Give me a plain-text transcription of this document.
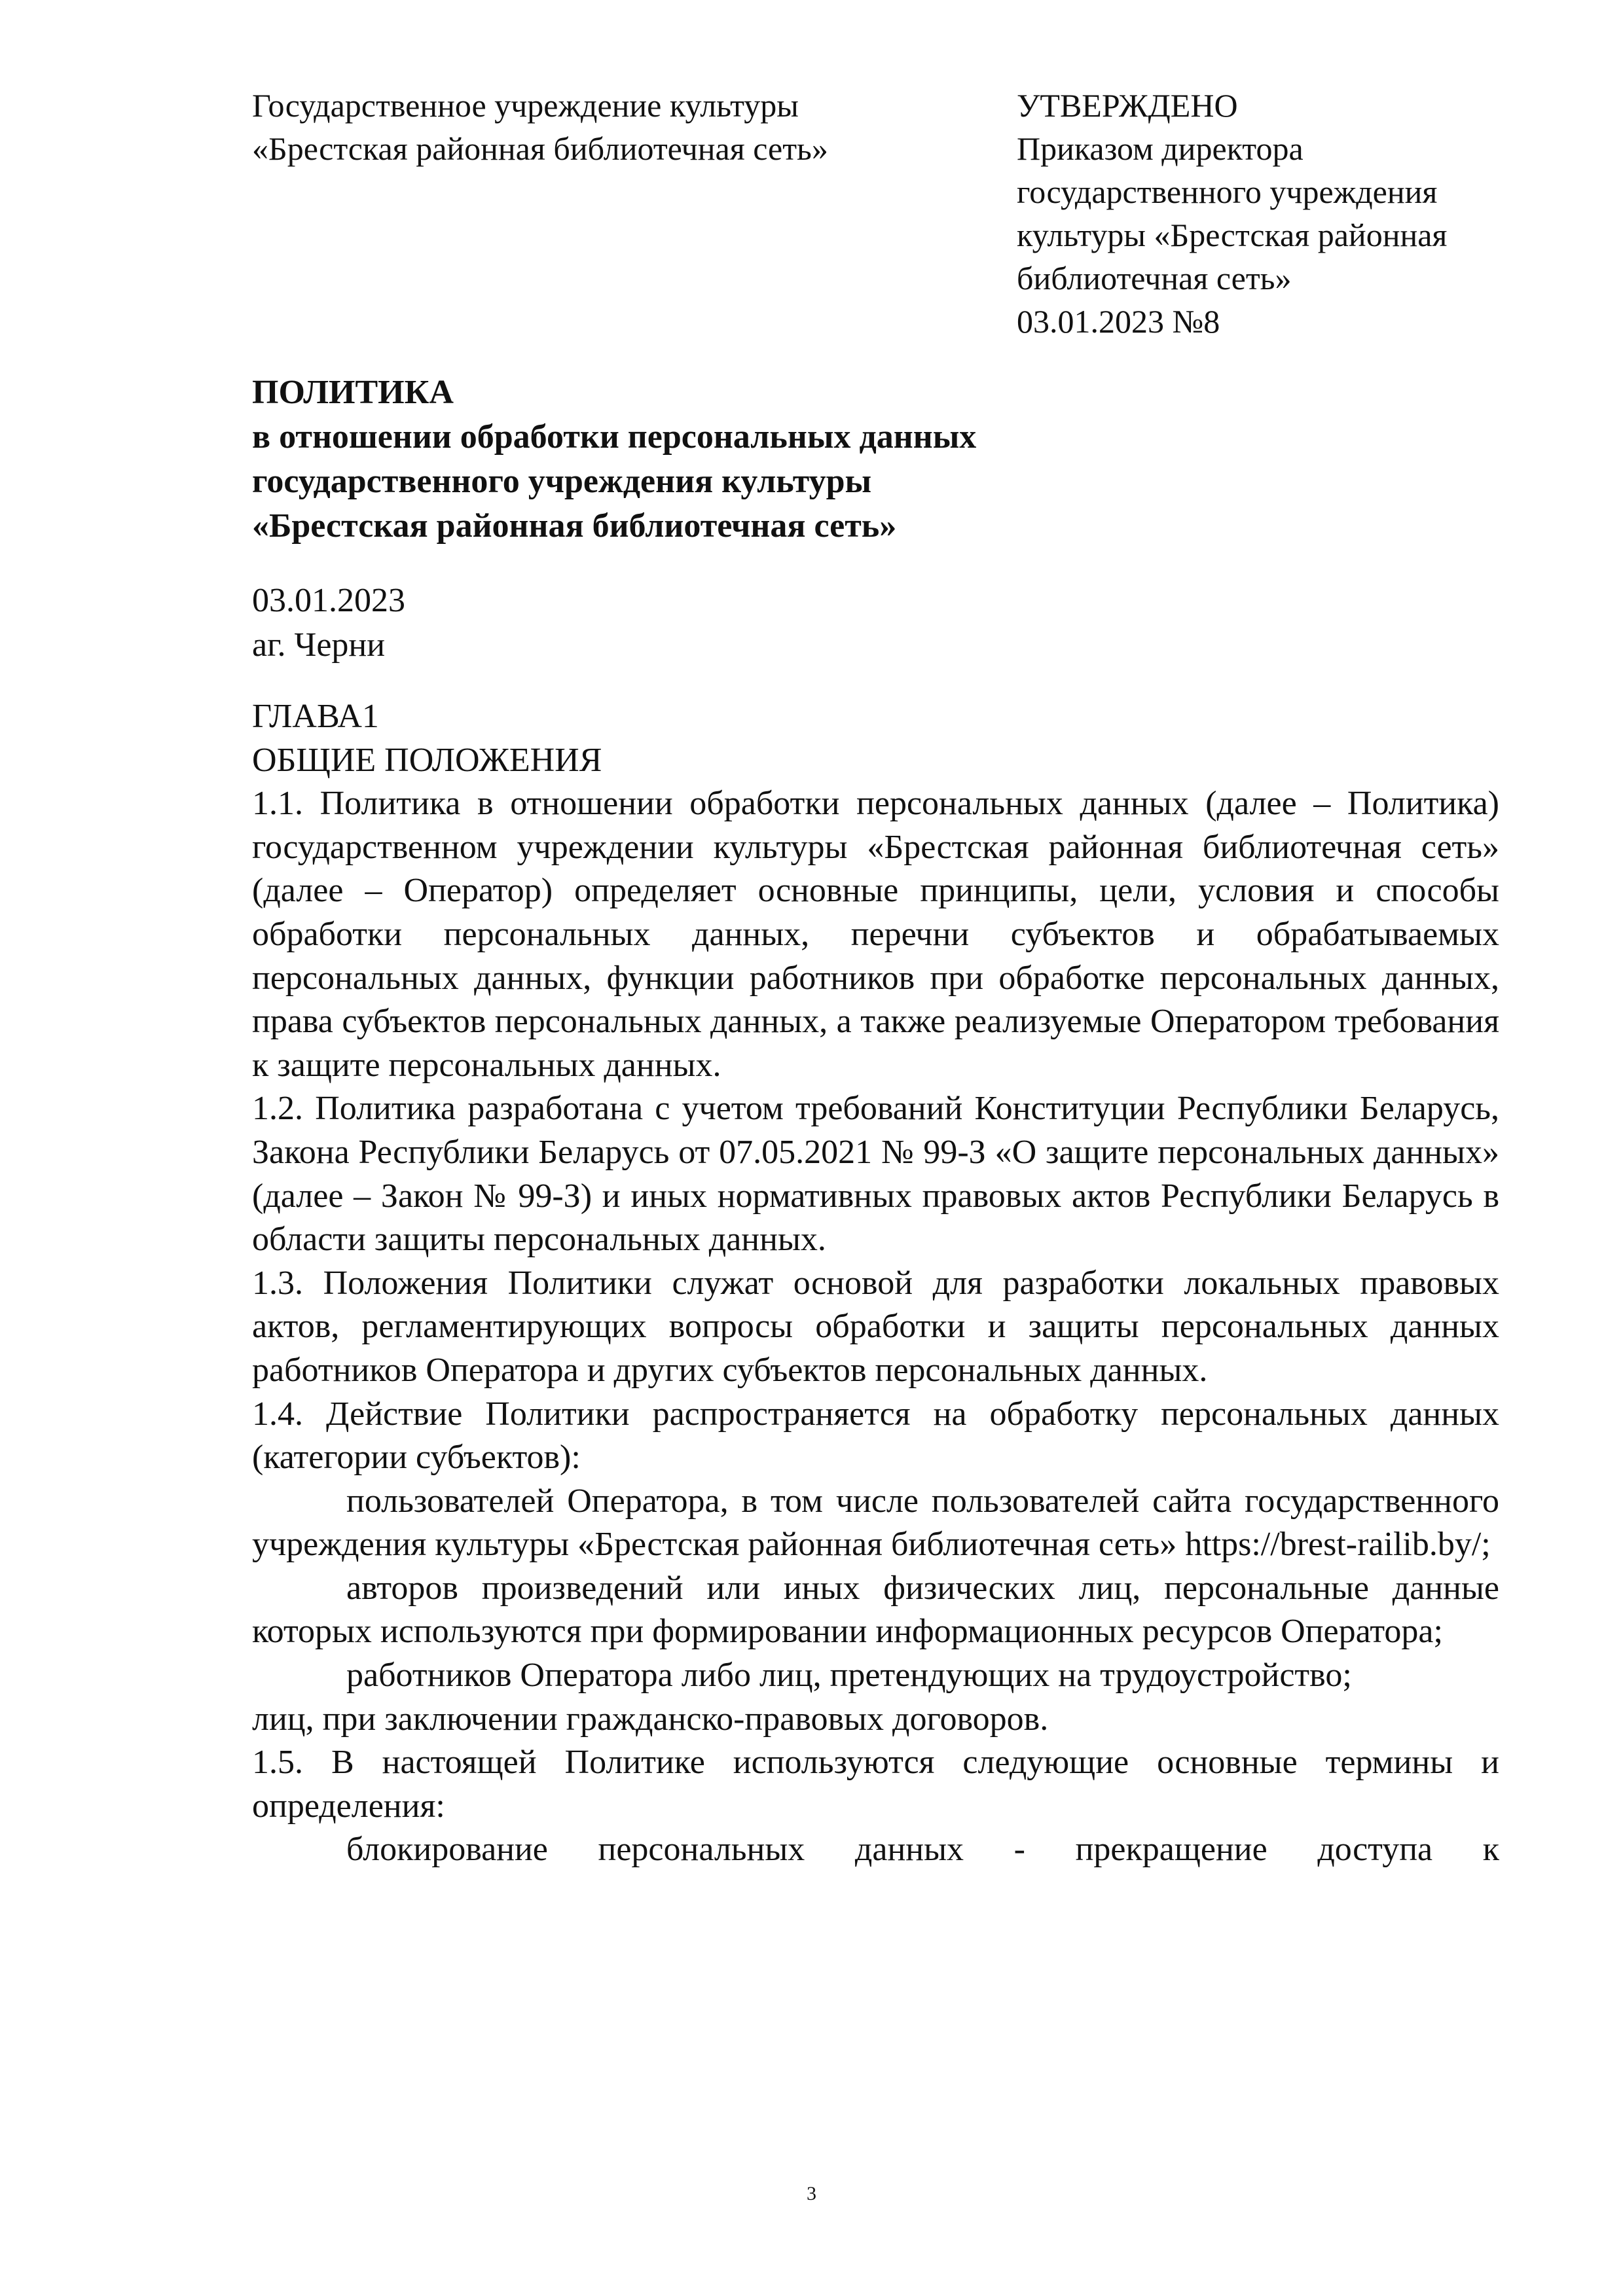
Государственное учреждение культуры
«Брестская районная библиотечная сеть»
УТВЕРЖДЕНО
Приказом директора
государственного учреждения
культуры «Брестская районная
библиотечная сеть»
03.01.2023 №8
ПОЛИТИКА
в отношении обработки персональных данных
государственного учреждения культуры
«Брестская районная библиотечная сеть»
03.01.2023
аг. Черни

ГЛАВА1

ОБЩИЕ ПОЛОЖЕНИЯ

1.1. Политика в отношении обработки персональных данных (далее – Политика) государственном учреждении культуры «Брестская районная библиотечная сеть» (далее – Оператор) определяет основные принципы, цели, условия и способы обработки персональных данных, перечни субъектов и обрабатываемых персональных данных, функции работников при обработке персональных данных, права субъектов персональных данных, а также реализуемые Оператором требования к защите персональных данных.

1.2. Политика разработана с учетом требований Конституции Республики Беларусь, Закона Республики Беларусь от 07.05.2021 № 99-З «О защите персональных данных» (далее – Закон № 99-З) и иных нормативных правовых актов Республики Беларусь в области защиты персональных данных.

1.3. Положения Политики служат основой для разработки локальных правовых актов, регламентирующих вопросы обработки и защиты персональных данных работников Оператора и других субъектов персональных данных.

1.4. Действие Политики распространяется на обработку персональных данных (категории субъектов):

пользователей Оператора, в том числе пользователей сайта государственного учреждения культуры «Брестская районная библиотечная сеть» https://brest-railib.by/;

авторов произведений или иных физических лиц, персональные данные которых используются при формировании информационных ресурсов Оператора;

работников Оператора либо лиц, претендующих на трудоустройство;

лиц, при заключении гражданско-правовых договоров.

1.5. В настоящей Политике используются следующие основные термины и определения:

блокирование персональных данных - прекращение доступа к

3
